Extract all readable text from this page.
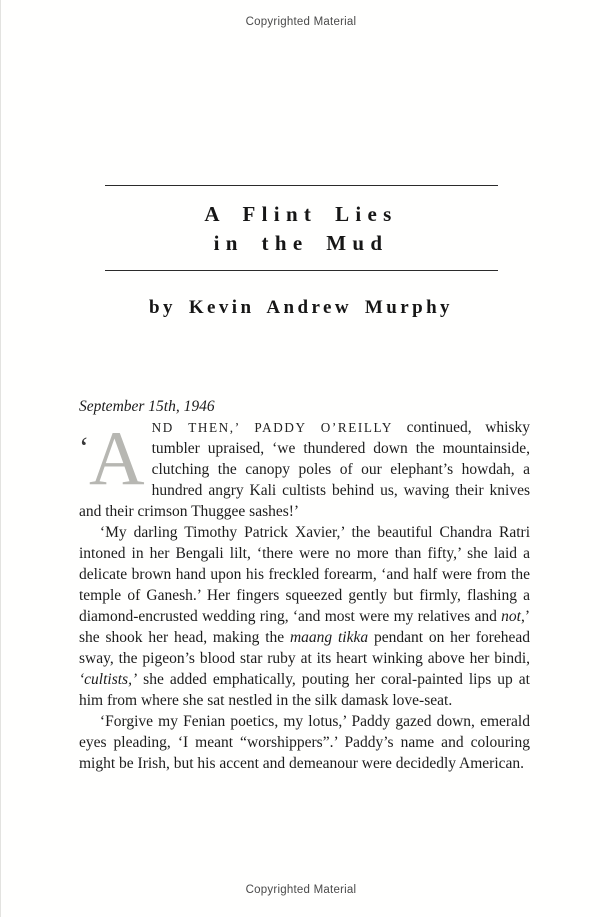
Copyrighted Material
A Flint Lies
in the Mud
by Kevin Andrew Murphy

September 15th, 1946

‘A ND THEN,’ PADDY O’REILLY continued, whisky tumbler upraised, ‘we thundered down the mountainside, clutching the canopy poles of our elephant’s howdah, a hundred angry Kali cultists behind us, waving their knives and their crimson Thuggee sashes!’

‘My darling Timothy Patrick Xavier,’ the beautiful Chandra Ratri intoned in her Bengali lilt, ‘there were no more than fifty,’ she laid a delicate brown hand upon his freckled forearm, ‘and half were from the temple of Ganesh.’ Her fingers squeezed gently but firmly, flashing a diamond-encrusted wedding ring, ‘and most were my relatives and not,’ she shook her head, making the maang tikka pendant on her forehead sway, the pigeon’s blood star ruby at its heart winking above her bindi, ‘cultists,’ she added emphatically, pouting her coral-painted lips up at him from where she sat nestled in the silk damask love-seat.

‘Forgive my Fenian poetics, my lotus,’ Paddy gazed down, emerald eyes pleading, ‘I meant “worshippers”.’ Paddy’s name and colouring might be Irish, but his accent and demeanour were decidedly American.

Copyrighted Material
